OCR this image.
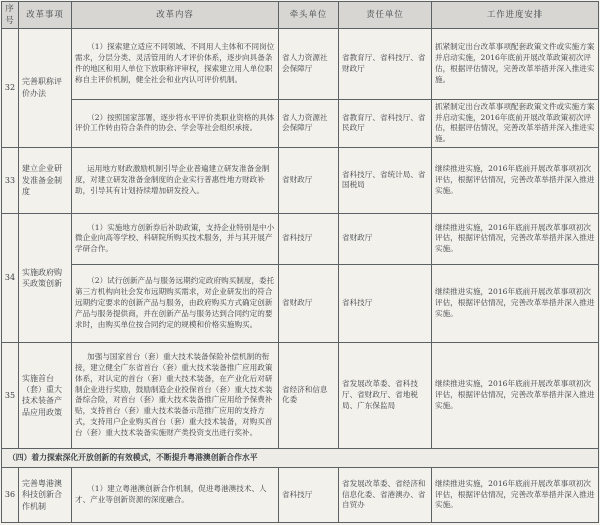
序号	改革事项	改革内容	牵头单位	责任单位	工作进度安排
32	完善职称评价办法	（1）探索建立适应不同领域、不同用人主体和不同岗位需求，分层分类、灵活管用的人才评价体系，逐步向具备条件的地区和用人单位下放职称评审权，探索建立用人单位职称自主评价机制，健全社会和业内认可评价机制。	省人力资源社会保障厅	省教育厅、省科技厅、省财政厅	抓紧制定出台改革事项配套政策文件或实施方案并启动实施，2016年底前开展改革政策初次评估，根据评估情况，完善改革举措并深入推进实施。
		（2）按照国家部署，逐步将水平评价类职业资格的具体评价工作转由符合条件的协会、学会等社会组织承接。	省人力资源社会保障厅	省教育厅、省科技厅、省民政厅	抓紧制定出台改革事项配套政策文件或实施方案并启动实施，2016年底前开展改革政策初次评估，根据评估情况，完善改革举措并深入推进实施。
33	建立企业研发准备金制度	运用地方财政激励机制引导企业普遍建立研发准备金制度，对建立研发准备金制度的企业实行普惠性地方财政补助，引导其有计划持续增加研发投入。	省财政厅	省科技厅、省统计局、省国税局	继续推进实施，2016年底前开展改革事项初次评估，根据评估情况，完善改革举措并深入推进实施。
34	实施政府购买政策创新	（1）实施地方创新券后补助政策，支持企业特别是中小微企业向高等学校、科研院所购买技术服务，并与其开展产学研合作。	省科技厅	省财政厅	继续推进实施，2016年底前开展改革事项初次评估，根据评估情况，完善改革举措并深入推进实施。
		（2）试行创新产品与服务远期约定政府购买制度，委托第三方机构向社会发布远期购买需求，对企业研发出的符合远期约定要求的创新产品与服务，由政府购买方式确定创新产品与服务提供商，并在创新产品与服务达到合同约定的要求时，由购买单位按合同约定的规模和价格实施购买。	省财政厅	省科技厅	继续推进实施，2016年底前开展改革事项初次评估，根据评估情况，完善改革举措并深入推进实施。
35	实施首台（套）重大技术装备产品应用政策	加强与国家首台（套）重大技术装备保险补偿机制的衔接，建立健全广东省首台（套）重大技术装备推广应用政策体系，对认定的首台（套）重大技术装备，在产业化后对研制企业进行奖励，鼓励制造企业投保首台（套）重大技术装备综合险，对首台（套）重大技术装备推广应用给予保费补贴，支持首台（套）重大技术装备示范推广应用的支持方式，支持用户企业购买首台（套）重大技术装备，对购买首台（套）重大技术装备实施财产类投资支出进行奖补。	省经济和信息化委	省发展改革委、省科技厅、省财政厅、省地税局、广东保监局	继续推进实施，2016年底前开展改革事项初次评估，根据评估情况，完善改革举措并深入推进实施。
（四）着力探索深化开放创新的有效模式，不断提升粤港澳创新合作水平					
36	完善粤港澳科技创新合作机制	（1）建立粤港澳创新合作机制，促进粤港澳技术、人才、产业等创新资源的深度融合。	省科技厅	省发展改革委、省经济和信息化委、省港澳办、省自贸办	继续推进实施，2016年底前开展改革事项初次评估，根据评估情况，完善改革举措并深入推进实施。
